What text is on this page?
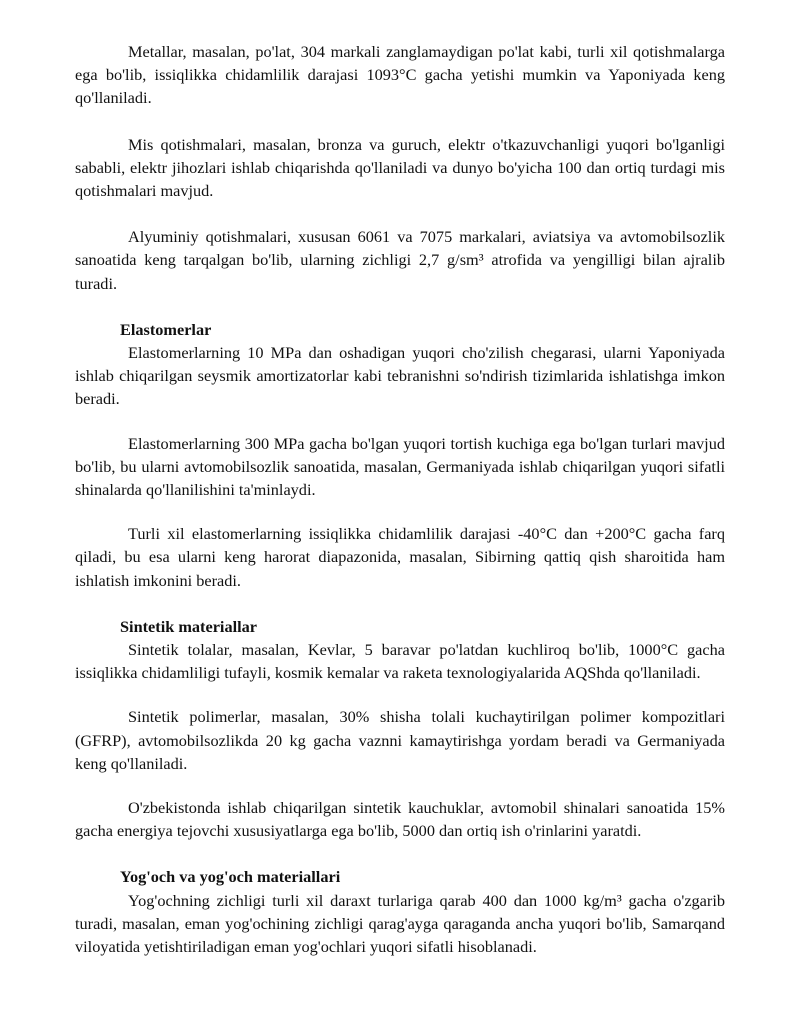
Metallar, masalan, po'lat, 304 markali zanglamaydigan po'lat kabi, turli xil qotishmalarga ega bo'lib, issiqlikka chidamlilik darajasi 1093°C gacha yetishi mumkin va Yaponiyada keng qo'llaniladi.

Mis qotishmalari, masalan, bronza va guruch, elektr o'tkazuvchanligi yuqori bo'lganligi sababli, elektr jihozlari ishlab chiqarishda qo'llaniladi va dunyo bo'yicha 100 dan ortiq turdagi mis qotishmalari mavjud.

Alyuminiy qotishmalari, xususan 6061 va 7075 markalari, aviatsiya va avtomobilsozlik sanoatida keng tarqalgan bo'lib, ularning zichligi 2,7 g/sm³ atrofida va yengilligi bilan ajralib turadi.

Elastomerlar

Elastomerlarning 10 MPa dan oshadigan yuqori cho'zilish chegarasi, ularni Yaponiyada ishlab chiqarilgan seysmik amortizatorlar kabi tebranishni so'ndirish tizimlarida ishlatishga imkon beradi.

Elastomerlarning 300 MPa gacha bo'lgan yuqori tortish kuchiga ega bo'lgan turlari mavjud bo'lib, bu ularni avtomobilsozlik sanoatida, masalan, Germaniyada ishlab chiqarilgan yuqori sifatli shinalarda qo'llanilishini ta'minlaydi.

Turli xil elastomerlarning issiqlikka chidamlilik darajasi -40°C dan +200°C gacha farq qiladi, bu esa ularni keng harorat diapazonida, masalan, Sibirning qattiq qish sharoitida ham ishlatish imkonini beradi.

Sintetik materiallar

Sintetik tolalar, masalan, Kevlar, 5 baravar po'latdan kuchliroq bo'lib, 1000°C gacha issiqlikka chidamliligi tufayli, kosmik kemalar va raketa texnologiyalarida AQShda qo'llaniladi.

Sintetik polimerlar, masalan, 30% shisha tolali kuchaytirilgan polimer kompozitlari (GFRP), avtomobilsozlikda 20 kg gacha vaznni kamaytirishga yordam beradi va Germaniyada keng qo'llaniladi.

O'zbekistonda ishlab chiqarilgan sintetik kauchuklar, avtomobil shinalari sanoatida 15% gacha energiya tejovchi xususiyatlarga ega bo'lib, 5000 dan ortiq ish o'rinlarini yaratdi.

Yog'och va yog'och materiallari

Yog'ochning zichligi turli xil daraxt turlariga qarab 400 dan 1000 kg/m³ gacha o'zgarib turadi, masalan, eman yog'ochining zichligi qarag'ayga qaraganda ancha yuqori bo'lib, Samarqand viloyatida yetishtiriladigan eman yog'ochlari yuqori sifatli hisoblanadi.
